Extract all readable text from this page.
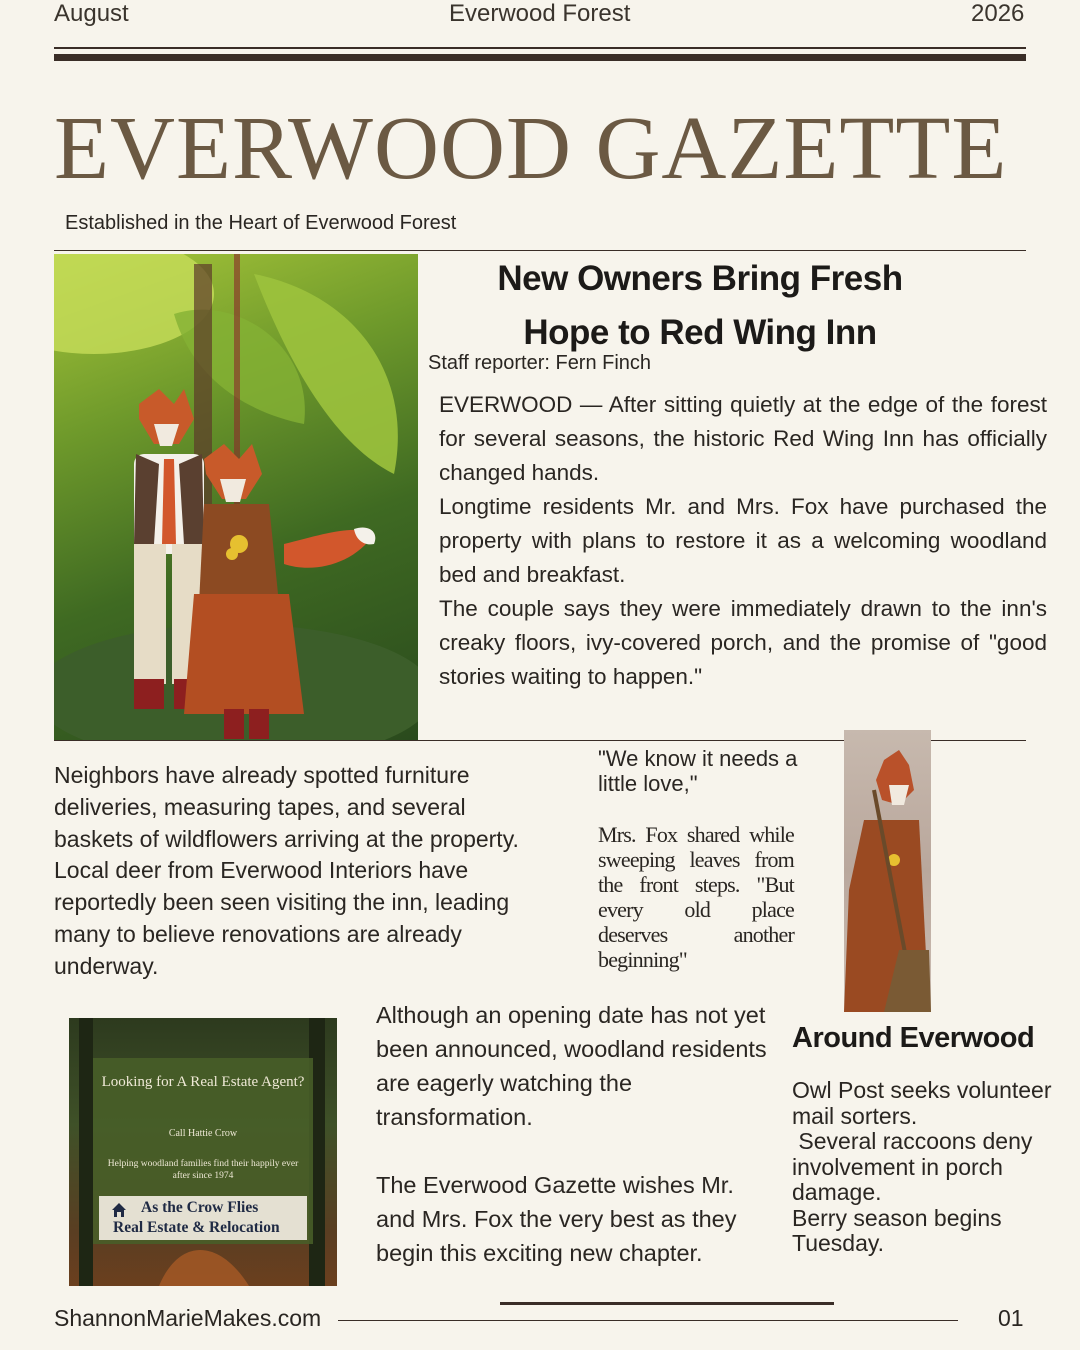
August	Everwood Forest	2026
EVERWOOD GAZETTE
Established in the Heart of Everwood Forest
New Owners Bring Fresh
Hope to Red Wing Inn
Staff reporter: Fern Finch

EVERWOOD — After sitting quietly at the edge of the forest for several seasons, the historic Red Wing Inn has officially changed hands.

Longtime residents Mr. and Mrs. Fox have purchased the property with plans to restore it as a welcoming woodland bed and breakfast.

The couple says they were immediately drawn to the inn's creaky floors, ivy-covered porch, and the promise of "good stories waiting to happen."

Neighbors have already spotted furniture deliveries, measuring tapes, and several baskets of wildflowers arriving at the property. Local deer from Everwood Interiors have reportedly been seen visiting the inn, leading many to believe renovations are already underway.
"We know it needs a little love,"
Mrs. Fox shared while sweeping leaves from the front steps. "But every old place deserves another beginning"

Although an opening date has not yet been announced, woodland residents are eagerly watching the transformation.

The Everwood Gazette wishes Mr. and Mrs. Fox the very best as they begin this exciting new chapter.

Around Everwood
Owl Post seeks volunteer mail sorters.
Several raccoons deny involvement in porch damage.
Berry season begins Tuesday.
Looking for A Real Estate Agent?
Call Hattie Crow
Helping woodland families find their happily ever after since 1974
As the Crow Flies
Real Estate & Relocation
ShannonMarieMakes.com	01
